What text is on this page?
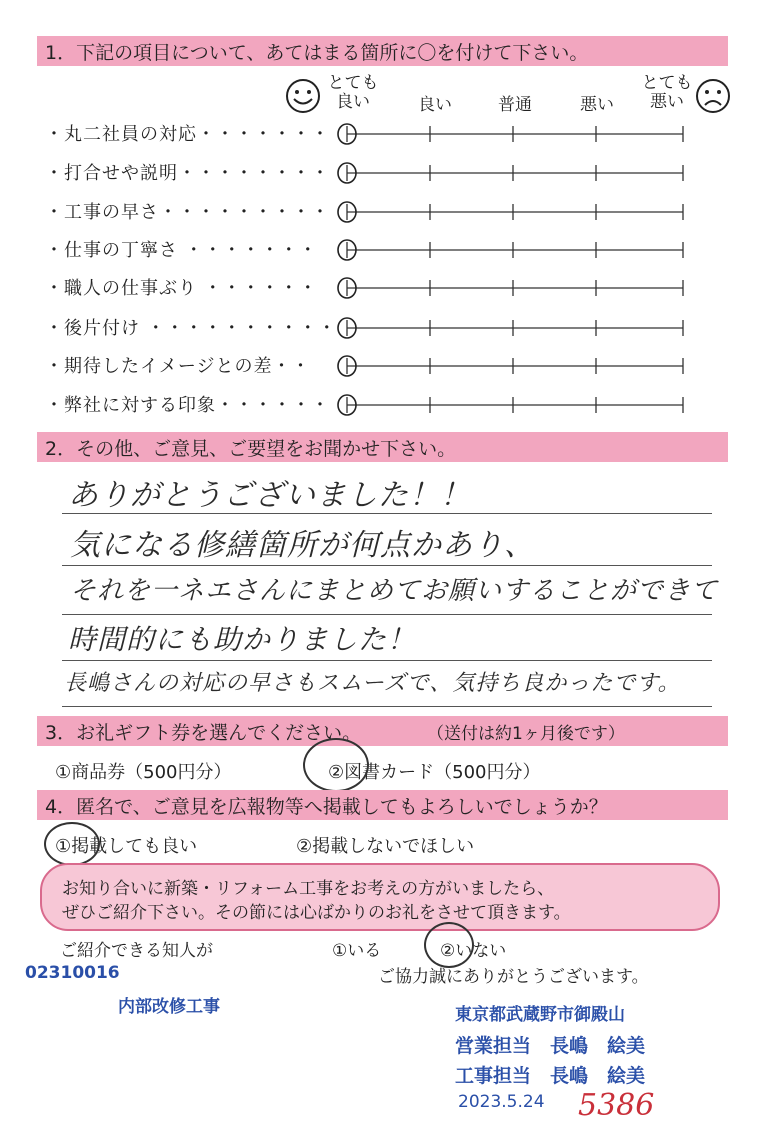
1．下記の項目について、あてはまる箇所に〇を付けて下さい。
とても
良い	良い	普通	悪い
とても
悪い
・丸二社員の対応・・・・・・・
・打合せや説明・・・・・・・・
・工事の早さ・・・・・・・・・
・仕事の丁寧さ ・・・・・・・
・職人の仕事ぶり ・・・・・・
・後片付け ・・・・・・・・・・
・期待したイメージとの差・・
・弊社に対する印象・・・・・・
2．その他、ご意見、ご要望をお聞かせ下さい。
ありがとうございました！！
気になる修繕箇所が何点かあり、
それを一ネエさんにまとめてお願いすることができて
時間的にも助かりました！
長嶋さんの対応の早さもスムーズで、気持ち良かったです。
3．お礼ギフト券を選んでください。	（送付は約1ヶ月後です）
①商品券（500円分）	②図書カード（500円分）
4．匿名で、ご意見を広報物等へ掲載してもよろしいでしょうか？
①掲載しても良い	②掲載しないでほしい
お知り合いに新築・リフォーム工事をお考えの方がいましたら、
ぜひご紹介下さい。その節には心ばかりのお礼をさせて頂きます。
ご紹介できる知人が	①いる	②いない
ご協力誠にありがとうございます。
02310016
内部改修工事	東京都武蔵野市御殿山
営業担当　長嶋　絵美
工事担当　長嶋　絵美
2023.5.24 5386
